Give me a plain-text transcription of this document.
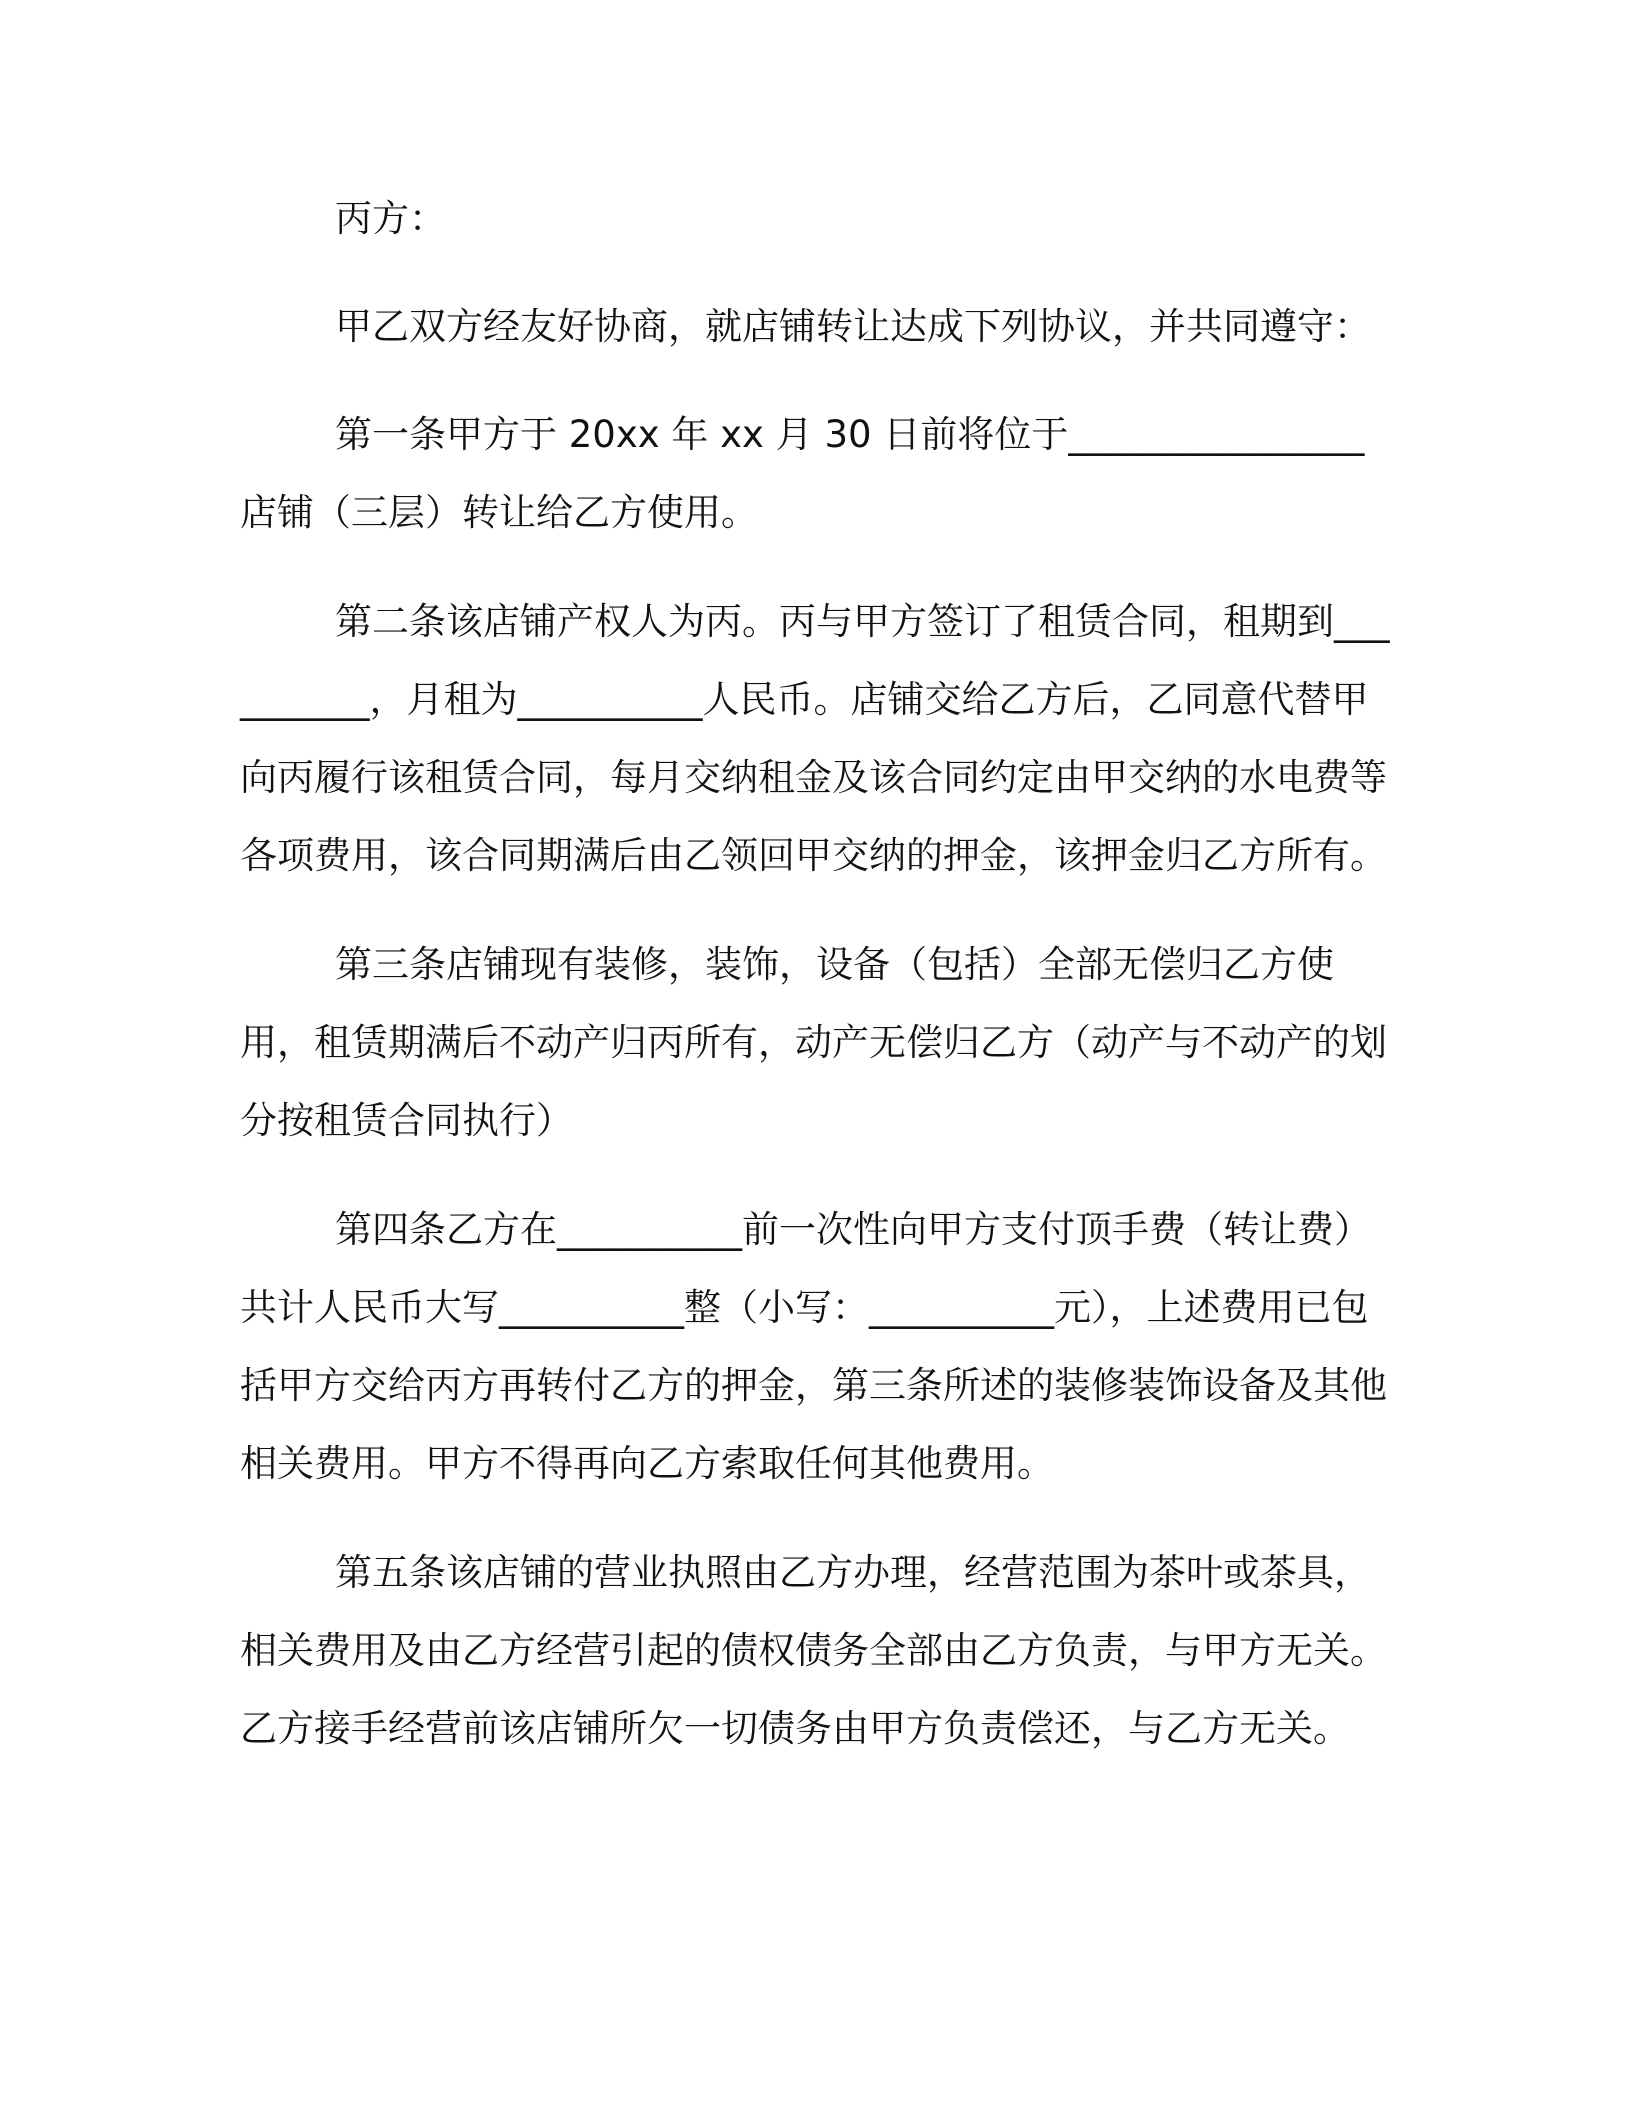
丙方：

甲乙双方经友好协商，就店铺转让达成下列协议，并共同遵守：

第一条甲方于 20xx 年 xx 月 30 日前将位于________________店铺（三层）转让给乙方使用。

第二条该店铺产权人为丙。丙与甲方签订了租赁合同，租期到__________，月租为__________人民币。店铺交给乙方后，乙同意代替甲向丙履行该租赁合同，每月交纳租金及该合同约定由甲交纳的水电费等各项费用，该合同期满后由乙领回甲交纳的押金，该押金归乙方所有。

第三条店铺现有装修，装饰，设备（包括）全部无偿归乙方使用，租赁期满后不动产归丙所有，动产无偿归乙方（动产与不动产的划分按租赁合同执行）

第四条乙方在__________前一次性向甲方支付顶手费（转让费）共计人民币大写__________整（小写：__________元），上述费用已包括甲方交给丙方再转付乙方的押金，第三条所述的装修装饰设备及其他相关费用。甲方不得再向乙方索取任何其他费用。

第五条该店铺的营业执照由乙方办理，经营范围为茶叶或茶具，相关费用及由乙方经营引起的债权债务全部由乙方负责，与甲方无关。乙方接手经营前该店铺所欠一切债务由甲方负责偿还，与乙方无关。
